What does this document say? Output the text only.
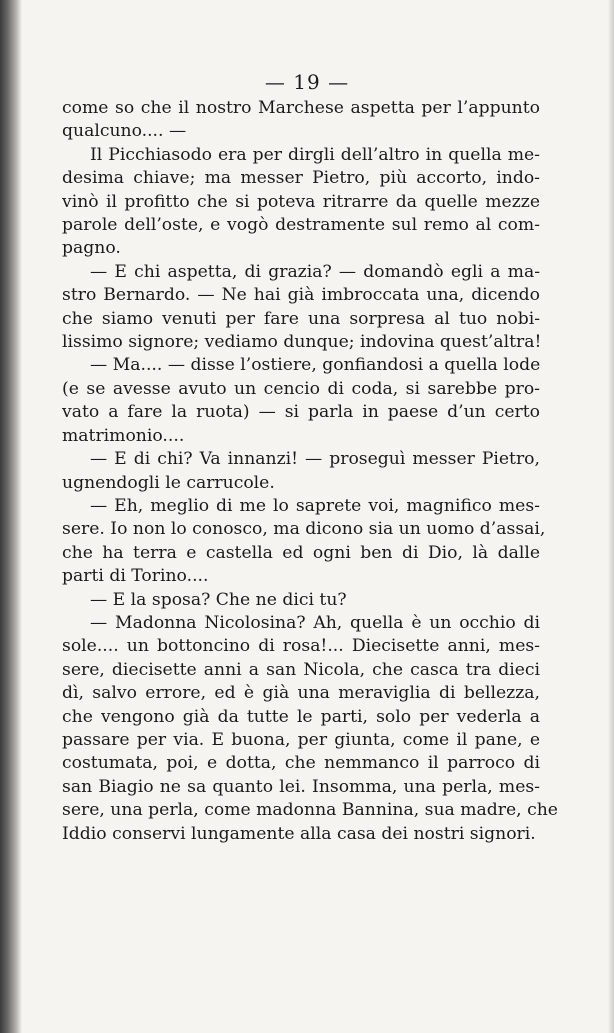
— 19 —
come so che il nostro Marchese aspetta per l’appunto
qualcuno.... —
Il Picchiasodo era per dirgli dell’altro in quella me-
desima chiave; ma messer Pietro, più accorto, indo-
vinò il profitto che si poteva ritrarre da quelle mezze
parole dell’oste, e vogò destramente sul remo al com-
pagno.
— E chi aspetta, di grazia? — domandò egli a ma-
stro Bernardo. — Ne hai già imbroccata una, dicendo
che siamo venuti per fare una sorpresa al tuo nobi-
lissimo signore; vediamo dunque; indovina quest’altra!
— Ma.... — disse l’ostiere, gonfiandosi a quella lode
(e se avesse avuto un cencio di coda, si sarebbe pro-
vato a fare la ruota) — si parla in paese d’un certo
matrimonio....
— E di chi? Va innanzi! — proseguì messer Pietro,
ugnendogli le carrucole.
— Eh, meglio di me lo saprete voi, magnifico mes-
sere. Io non lo conosco, ma dicono sia un uomo d’assai,
che ha terra e castella ed ogni ben di Dio, là dalle
parti di Torino....
— E la sposa? Che ne dici tu?
— Madonna Nicolosina? Ah, quella è un occhio di
sole.... un bottoncino di rosa!... Diecisette anni, mes-
sere, diecisette anni a san Nicola, che casca tra dieci
dì, salvo errore, ed è già una meraviglia di bellezza,
che vengono già da tutte le parti, solo per vederla a
passare per via. E buona, per giunta, come il pane, e
costumata, poi, e dotta, che nemmanco il parroco di
san Biagio ne sa quanto lei. Insomma, una perla, mes-
sere, una perla, come madonna Bannina, sua madre, che
Iddio conservi lungamente alla casa dei nostri signori.
